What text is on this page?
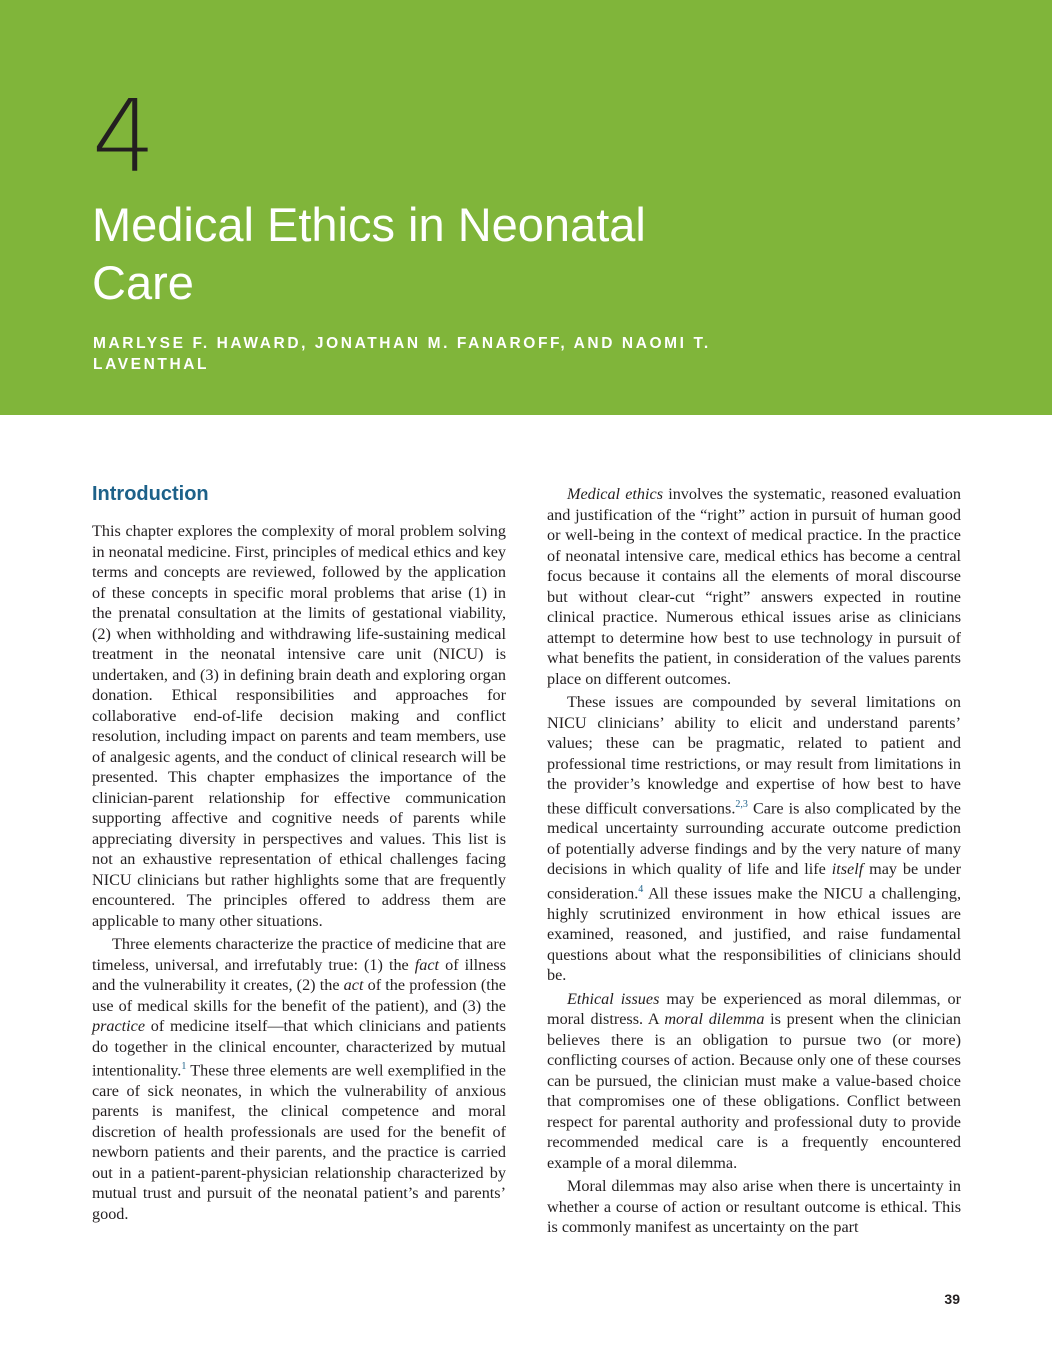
4
Medical Ethics in Neonatal Care
MARLYSE F. HAWARD, JONATHAN M. FANAROFF, AND NAOMI T. LAVENTHAL
Introduction

This chapter explores the complexity of moral problem solving in neonatal medicine. First, principles of medical ethics and key terms and concepts are reviewed, followed by the application of these concepts in specific moral problems that arise (1) in the prenatal consultation at the limits of gestational viability, (2) when withholding and withdrawing life-sustaining medical treatment in the neonatal intensive care unit (NICU) is undertaken, and (3) in defining brain death and exploring organ donation. Ethical responsibilities and approaches for collaborative end-of-life decision making and conflict resolution, including impact on parents and team members, use of analgesic agents, and the conduct of clinical research will be presented. This chapter emphasizes the importance of the clinician-parent relationship for effective communication supporting affective and cognitive needs of parents while appreciating diversity in perspectives and values. This list is not an exhaustive representation of ethical challenges facing NICU clinicians but rather highlights some that are frequently encountered. The principles offered to address them are applicable to many other situations.

Three elements characterize the practice of medicine that are timeless, universal, and irrefutably true: (1) the fact of illness and the vulnerability it creates, (2) the act of the profession (the use of medical skills for the benefit of the patient), and (3) the practice of medicine itself—that which clinicians and patients do together in the clinical encounter, characterized by mutual intentionality.$^1$ These three elements are well exemplified in the care of sick neonates, in which the vulnerability of anxious parents is manifest, the clinical competence and moral discretion of health professionals are used for the benefit of newborn patients and their parents, and the practice is carried out in a patient-parent-physician relationship characterized by mutual trust and pursuit of the neonatal patient’s and parents’ good.

Medical ethics involves the systematic, reasoned evaluation and justification of the “right” action in pursuit of human good or well-being in the context of medical practice. In the practice of neonatal intensive care, medical ethics has become a central focus because it contains all the elements of moral discourse but without clear-cut “right” answers expected in routine clinical practice. Numerous ethical issues arise as clinicians attempt to determine how best to use technology in pursuit of what benefits the patient, in consideration of the values parents place on different outcomes.

These issues are compounded by several limitations on NICU clinicians’ ability to elicit and understand parents’ values; these can be pragmatic, related to patient and professional time restrictions, or may result from limitations in the provider’s knowledge and expertise of how best to have these difficult conversations.$^{2,3}$ Care is also complicated by the medical uncertainty surrounding accurate outcome prediction of potentially adverse findings and by the very nature of many decisions in which quality of life and life itself may be under consideration.$^4$ All these issues make the NICU a challenging, highly scrutinized environment in how ethical issues are examined, reasoned, and justified, and raise fundamental questions about what the responsibilities of clinicians should be.

Ethical issues may be experienced as moral dilemmas, or moral distress. A moral dilemma is present when the clinician believes there is an obligation to pursue two (or more) conflicting courses of action. Because only one of these courses can be pursued, the clinician must make a value-based choice that compromises one of these obligations. Conflict between respect for parental authority and professional duty to provide recommended medical care is a frequently encountered example of a moral dilemma.

Moral dilemmas may also arise when there is uncertainty in whether a course of action or resultant outcome is ethical. This is commonly manifest as uncertainty on the part

39
